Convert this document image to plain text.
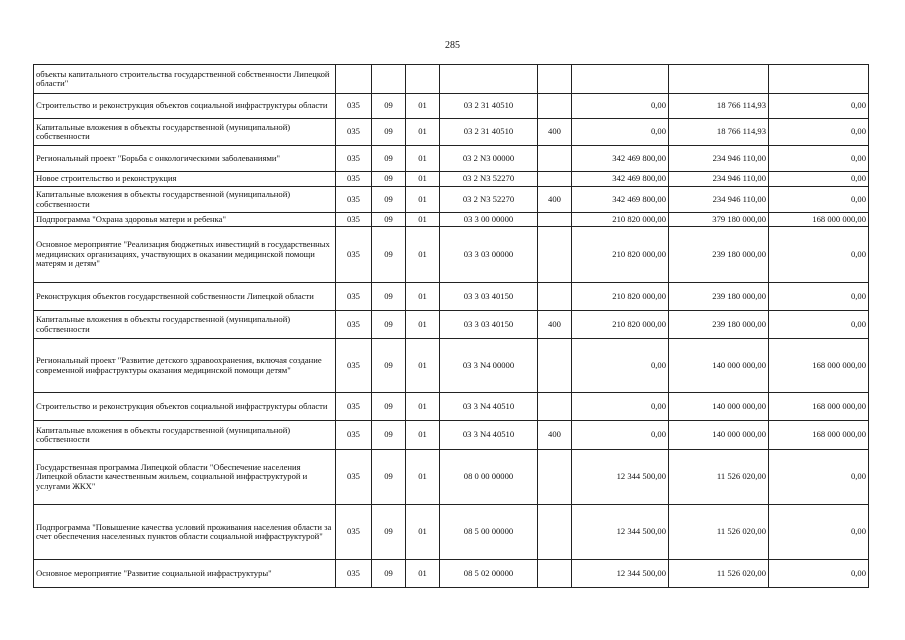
285
объекты капитального строительства государственной собственности Липецкой области"								
Строительство и реконструкция объектов социальной инфраструктуры области	035	09	01	03 2 31 40510		0,00	18 766 114,93	0,00
Капитальные вложения в объекты государственной (муниципальной) собственности	035	09	01	03 2 31 40510	400	0,00	18 766 114,93	0,00
Региональный проект "Борьба с онкологическими заболеваниями"	035	09	01	03 2 N3 00000		342 469 800,00	234 946 110,00	0,00
Новое строительство и реконструкция	035	09	01	03 2 N3 52270		342 469 800,00	234 946 110,00	0,00
Капитальные вложения в объекты государственной (муниципальной) собственности	035	09	01	03 2 N3 52270	400	342 469 800,00	234 946 110,00	0,00
Подпрограмма "Охрана здоровья матери и ребенка"	035	09	01	03 3 00 00000		210 820 000,00	379 180 000,00	168 000 000,00
Основное мероприятие "Реализация бюджетных инвестиций в государственных медицинских организациях, участвующих в оказании медицинской помощи матерям и детям"	035	09	01	03 3 03 00000		210 820 000,00	239 180 000,00	0,00
Реконструкция объектов государственной собственности Липецкой области	035	09	01	03 3 03 40150		210 820 000,00	239 180 000,00	0,00
Капитальные вложения в объекты государственной (муниципальной) собственности	035	09	01	03 3 03 40150	400	210 820 000,00	239 180 000,00	0,00
Региональный проект "Развитие детского здравоохранения, включая создание современной инфраструктуры оказания медицинской помощи детям"	035	09	01	03 3 N4 00000		0,00	140 000 000,00	168 000 000,00
Строительство и реконструкция объектов социальной инфраструктуры области	035	09	01	03 3 N4 40510		0,00	140 000 000,00	168 000 000,00
Капитальные вложения в объекты государственной (муниципальной) собственности	035	09	01	03 3 N4 40510	400	0,00	140 000 000,00	168 000 000,00
Государственная программа Липецкой области "Обеспечение населения Липецкой области качественным жильем, социальной инфраструктурой и услугами ЖКХ"	035	09	01	08 0 00 00000		12 344 500,00	11 526 020,00	0,00
Подпрограмма "Повышение качества условий проживания населения области за счет обеспечения населенных пунктов области социальной инфраструктурой"	035	09	01	08 5 00 00000		12 344 500,00	11 526 020,00	0,00
Основное мероприятие "Развитие социальной инфраструктуры"	035	09	01	08 5 02 00000		12 344 500,00	11 526 020,00	0,00
